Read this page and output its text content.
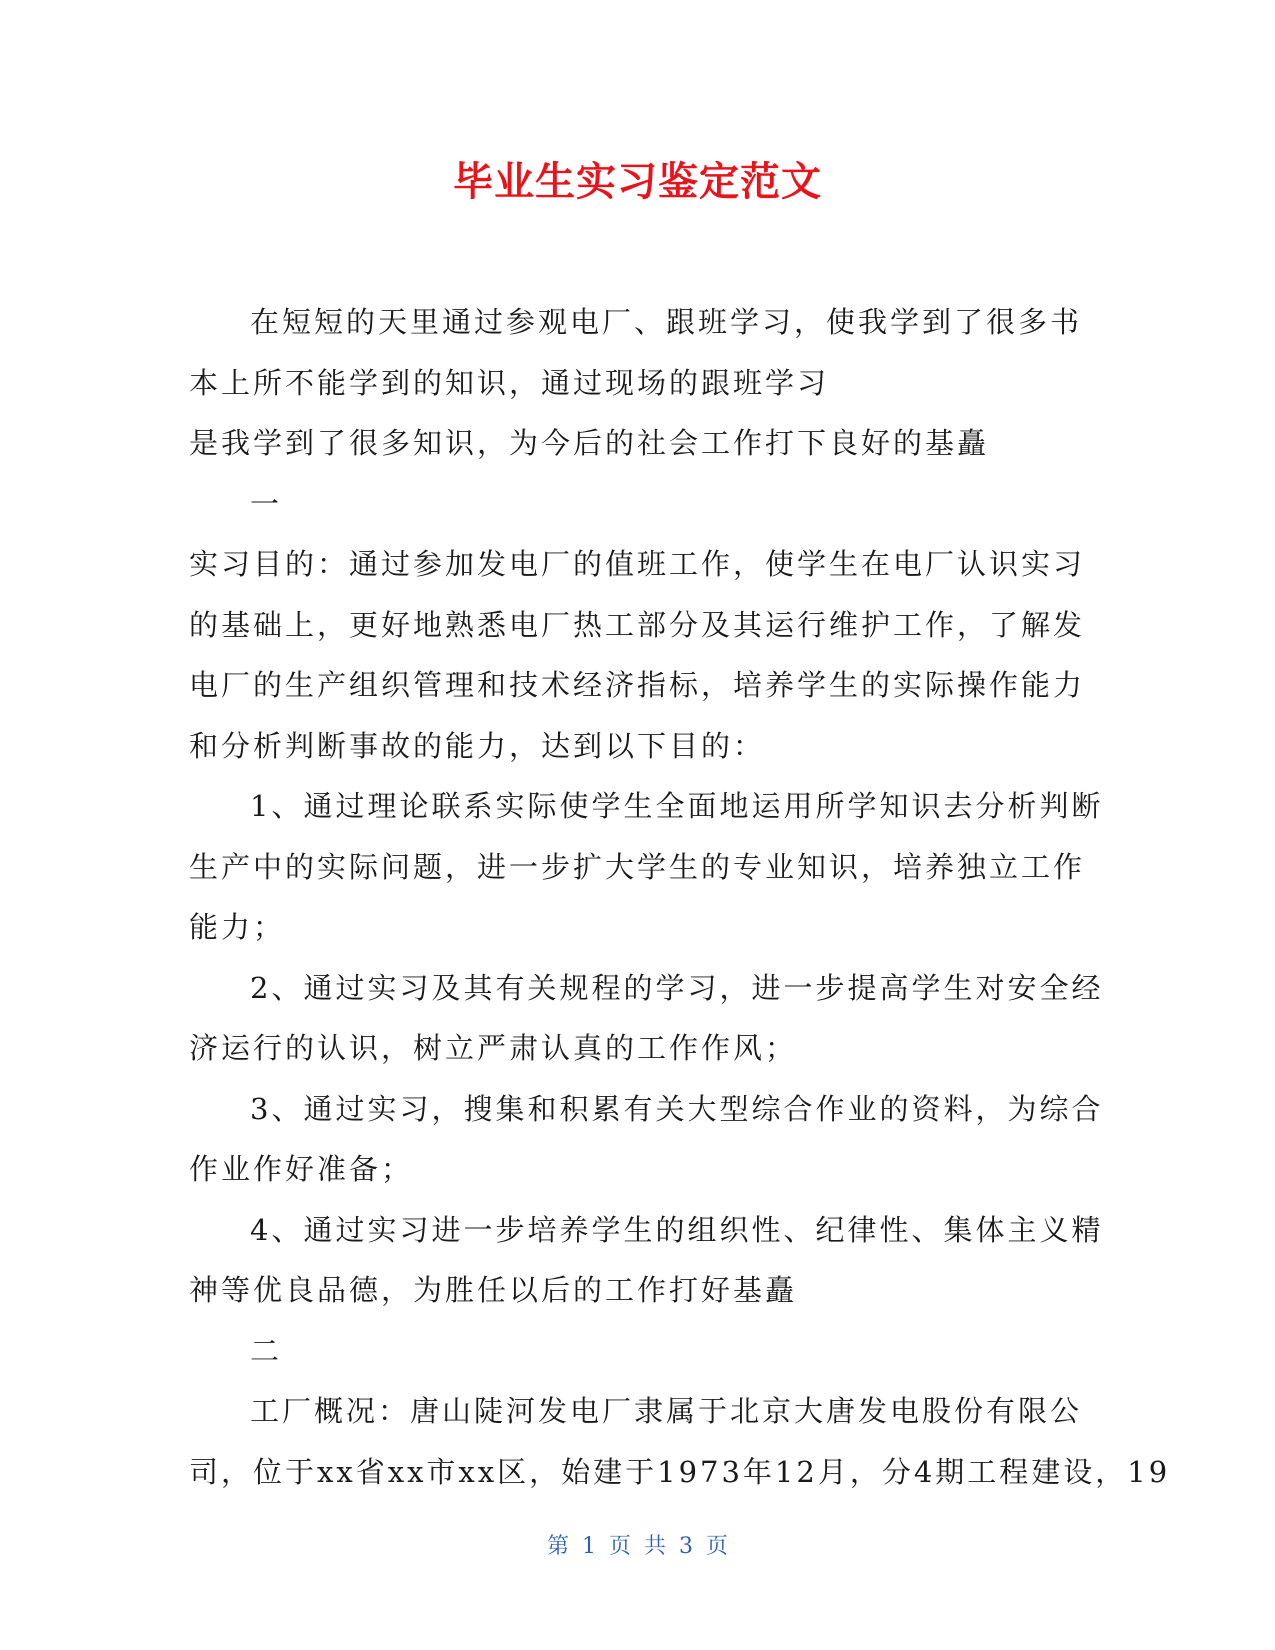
毕业生实习鉴定范文
在短短的天里通过参观电厂、跟班学习，使我学到了很多书
本上所不能学到的知识，通过现场的跟班学习
是我学到了很多知识，为今后的社会工作打下良好的基矗
一
实习目的：通过参加发电厂的值班工作，使学生在电厂认识实习
的基础上，更好地熟悉电厂热工部分及其运行维护工作，了解发
电厂的生产组织管理和技术经济指标，培养学生的实际操作能力
和分析判断事故的能力，达到以下目的：
1、通过理论联系实际使学生全面地运用所学知识去分析判断
生产中的实际问题，进一步扩大学生的专业知识，培养独立工作
能力；
2、通过实习及其有关规程的学习，进一步提高学生对安全经
济运行的认识，树立严肃认真的工作作风；
3、通过实习，搜集和积累有关大型综合作业的资料，为综合
作业作好准备；
4、通过实习进一步培养学生的组织性、纪律性、集体主义精
神等优良品德，为胜任以后的工作打好基矗
二
工厂概况：唐山陡河发电厂隶属于北京大唐发电股份有限公
司，位于xx省xx市xx区，始建于1973年12月，分4期工程建设，19
第 1 页 共 3 页
